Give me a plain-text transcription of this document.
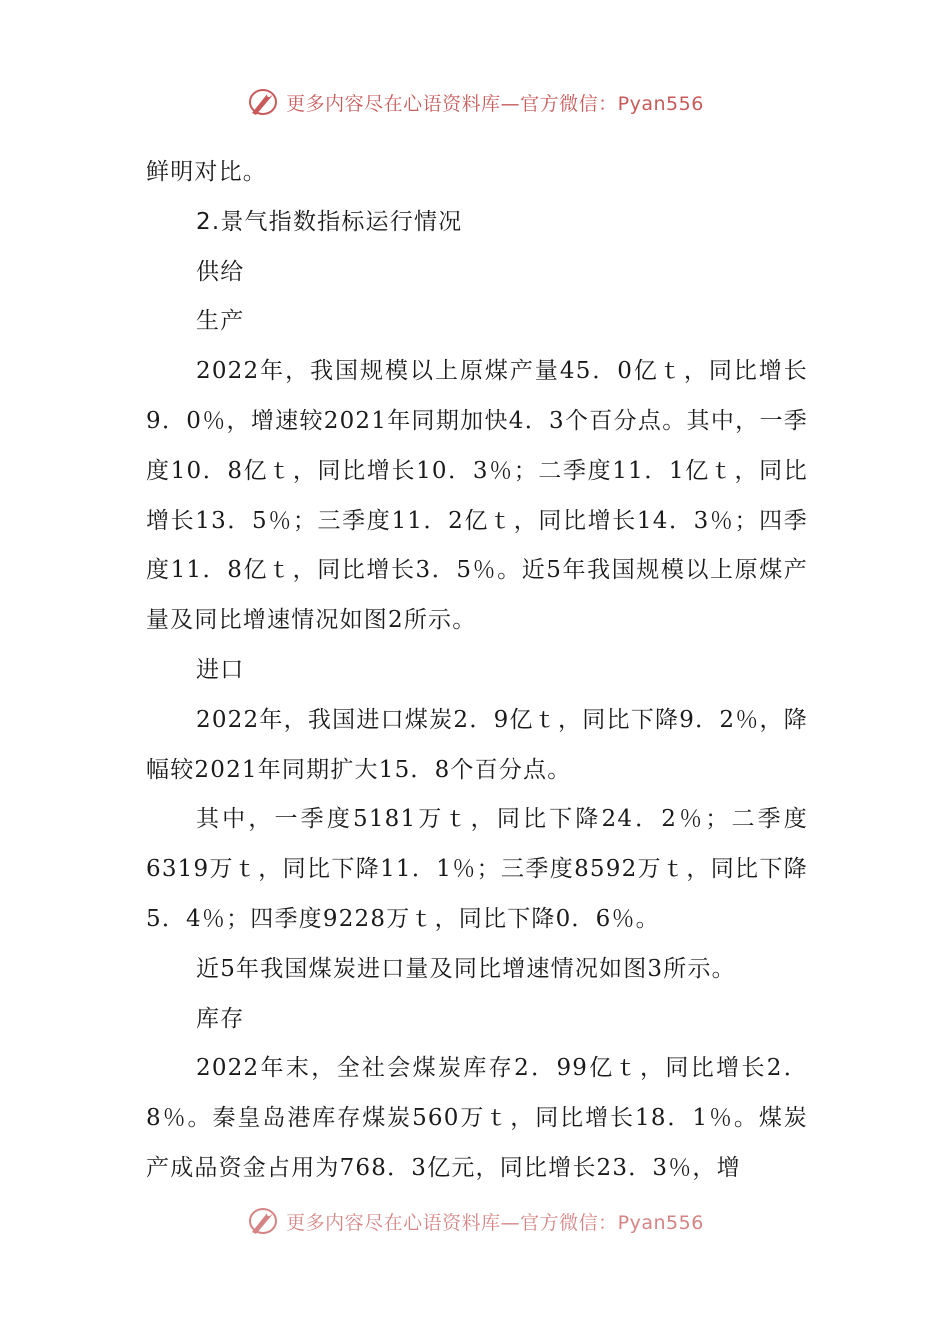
更多内容尽在心语资料库—官方微信：Pyan556

鲜明对比。

2.景气指数指标运行情况

供给

生产

2022年，我国规模以上原煤产量45．0亿ｔ，同比增长9．0％，增速较2021年同期加快4．3个百分点。其中，一季度10．8亿ｔ，同比增长10．3％；二季度11．1亿ｔ，同比增长13．5％；三季度11．2亿ｔ，同比增长14．3％；四季度11．8亿ｔ，同比增长3．5％。近5年我国规模以上原煤产量及同比增速情况如图2所示。

进口

2022年，我国进口煤炭2．9亿ｔ，同比下降9．2％，降幅较2021年同期扩大15．8个百分点。

其中，一季度5181万ｔ，同比下降24．2％；二季度6319万ｔ，同比下降11．1％；三季度8592万ｔ，同比下降5．4％；四季度9228万ｔ，同比下降0．6％。

近5年我国煤炭进口量及同比增速情况如图3所示。

库存

2022年末，全社会煤炭库存2．99亿ｔ，同比增长2．8％。秦皇岛港库存煤炭560万ｔ，同比增长18．1％。煤炭产成品资金占用为768．3亿元，同比增长23．3％，增

更多内容尽在心语资料库—官方微信：Pyan556
